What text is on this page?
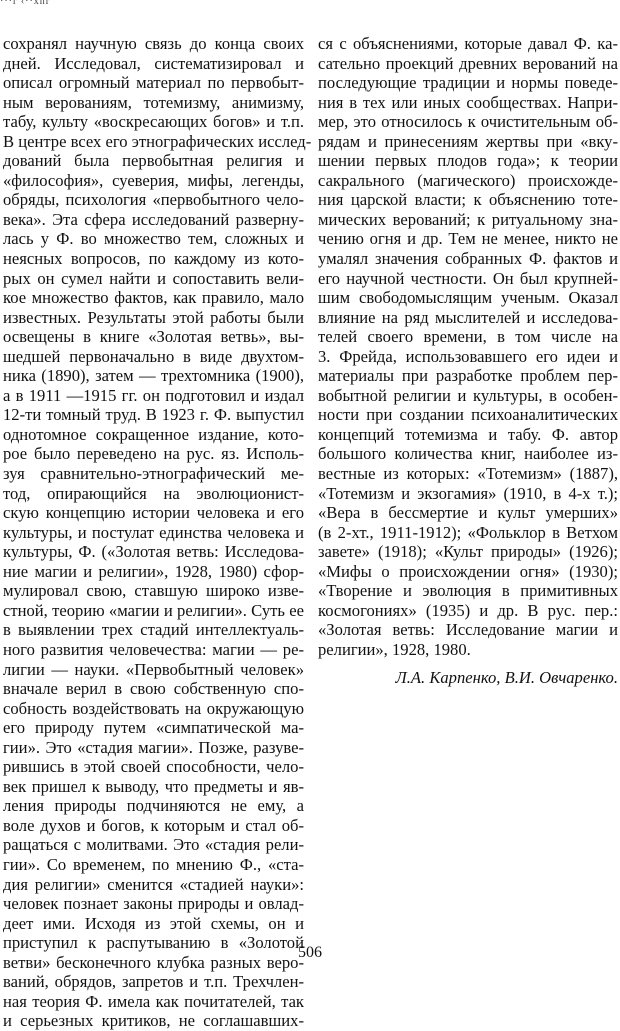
···r ‹··xnr
сохранял научную связь до конца своих
дней. Исследовал, систематизировал и
описал огромный материал по первобыт-
ным верованиям, тотемизму, анимизму,
табу, культу «воскресающих богов» и т.п.
В центре всех его этнографических исслед-
дований была первобытная религия и
«философия», суеверия, мифы, легенды,
обряды, психология «первобытного чело-
века». Эта сфера исследований разверну-
лась у Ф. во множество тем, сложных и
неясных вопросов, по каждому из кото-
рых он сумел найти и сопоставить вели-
кое множество фактов, как правило, мало
известных. Результаты этой работы были
освещены в книге «Золотая ветвь», вы-
шедшей первоначально в виде двухтом-
ника (1890), затем — трехтомника (1900),
а в 1911 —1915 гг. он подготовил и издал
12-ти томный труд. В 1923 г. Ф. выпустил
однотомное сокращенное издание, кото-
рое было переведено на рус. яз. Исполь-
зуя сравнительно-этнографический ме-
тод, опирающийся на эволюционист-
скую концепцию истории человека и его
культуры, и постулат единства человека и
культуры, Ф. («Золотая ветвь: Исследова-
ние магии и религии», 1928, 1980) сфор-
мулировал свою, ставшую широко изве-
стной, теорию «магии и религии». Суть ее
в выявлении трех стадий интеллектуаль-
ного развития человечества: магии — ре-
лигии — науки. «Первобытный человек»
вначале верил в свою собственную спо-
собность воздействовать на окружающую
его природу путем «симпатической ма-
гии». Это «стадия магии». Позже, разуве-
рившись в этой своей способности, чело-
век пришел к выводу, что предметы и яв-
ления природы подчиняются не ему, а
воле духов и богов, к которым и стал об-
ращаться с молитвами. Это «стадия рели-
гии». Со временем, по мнению Ф., «ста-
дия религии» сменится «стадией науки»:
человек познает законы природы и овлад-
деет ими. Исходя из этой схемы, он и
приступил к распутыванию в «Золотой
ветви» бесконечного клубка разных веро-
ваний, обрядов, запретов и т.п. Трехчлен-
ная теория Ф. имела как почитателей, так
и серьезных критиков, не соглашавших-
ся с объяснениями, которые давал Ф. ка-
сательно проекций древних верований на
последующие традиции и нормы поведе-
ния в тех или иных сообществах. Напри-
мер, это относилось к очистительным об-
рядам и принесениям жертвы при «вку-
шении первых плодов года»; к теории
сакрального (магического) происхожде-
ния царской власти; к объяснению тоте-
мических верований; к ритуальному зна-
чению огня и др. Тем не менее, никто не
умалял значения собранных Ф. фактов и
его научной честности. Он был крупней-
шим свободомыслящим ученым. Оказал
влияние на ряд мыслителей и исследова-
телей своего времени, в том числе на
3. Фрейда, использовавшего его идеи и
материалы при разработке проблем пер-
вобытной религии и культуры, в особен-
ности при создании психоаналитических
концепций тотемизма и табу. Ф. автор
большого количества книг, наиболее из-
вестные из которых: «Тотемизм» (1887),
«Тотемизм и экзогамия» (1910, в 4-х т.);
«Вера в бессмертие и культ умерших»
(в 2-хт., 1911-1912); «Фольклор в Ветхом
завете» (1918); «Культ природы» (1926);
«Мифы о происхождении огня» (1930);
«Творение и эволюция в примитивных
космогониях» (1935) и др. В рус. пер.:
«Золотая ветвь: Исследование магии и
религии», 1928, 1980.
Л.А. Карпенко, В.И. Овчаренко.
506
